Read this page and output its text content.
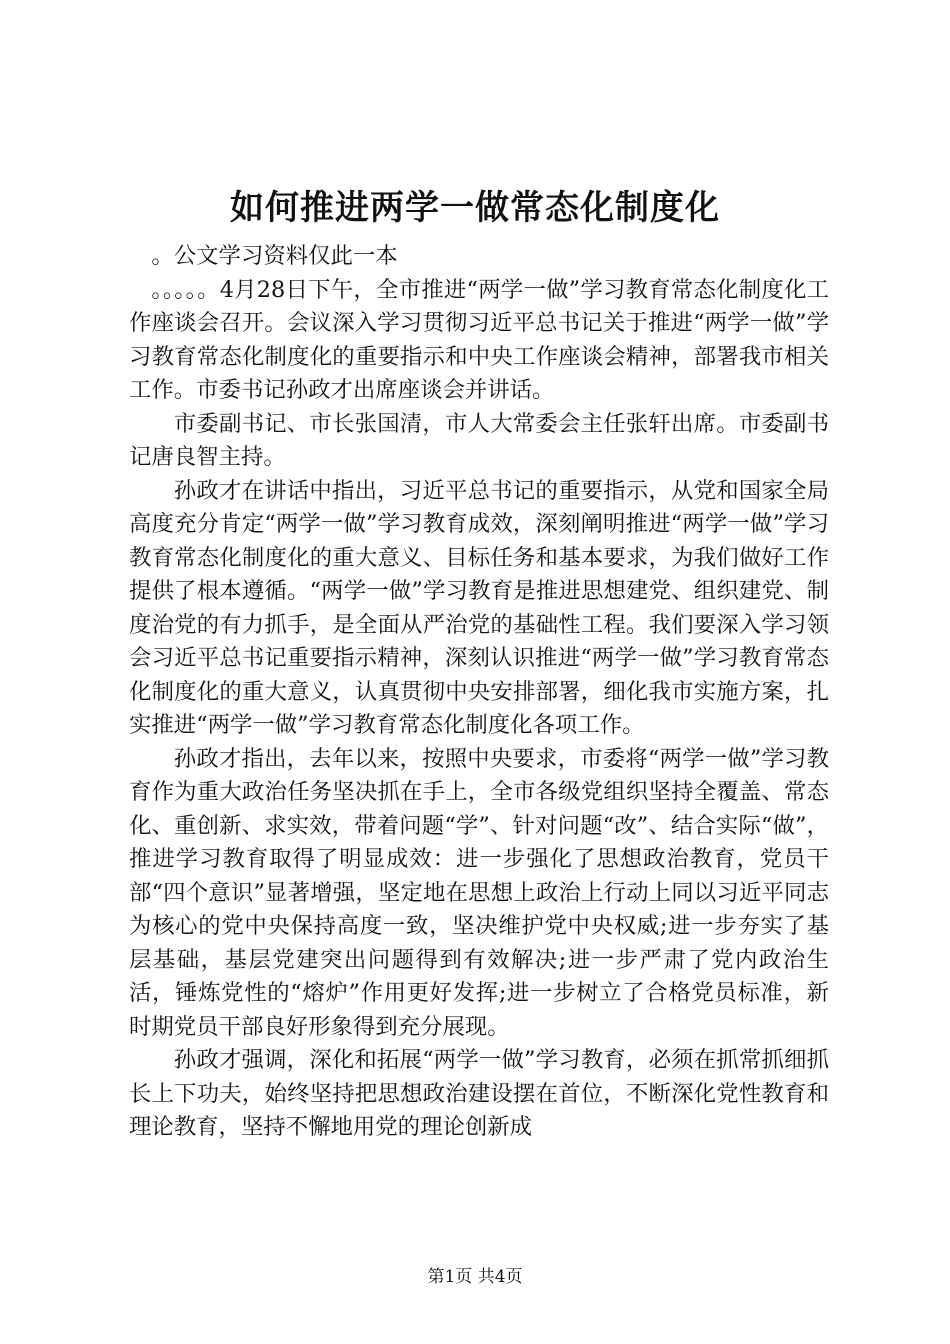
如何推进两学一做常态化制度化

。公文学习资料仅此一本

。。。。。4月28日下午，全市推进“两学一做”学习教育常态化制度化工作座谈会召开。会议深入学习贯彻习近平总书记关于推进“两学一做”学习教育常态化制度化的重要指示和中央工作座谈会精神，部署我市相关工作。市委书记孙政才出席座谈会并讲话。

市委副书记、市长张国清，市人大常委会主任张轩出席。市委副书记唐良智主持。

孙政才在讲话中指出，习近平总书记的重要指示，从党和国家全局高度充分肯定“两学一做”学习教育成效，深刻阐明推进“两学一做”学习教育常态化制度化的重大意义、目标任务和基本要求，为我们做好工作提供了根本遵循。“两学一做”学习教育是推进思想建党、组织建党、制度治党的有力抓手，是全面从严治党的基础性工程。我们要深入学习领会习近平总书记重要指示精神，深刻认识推进“两学一做”学习教育常态化制度化的重大意义，认真贯彻中央安排部署，细化我市实施方案，扎实推进“两学一做”学习教育常态化制度化各项工作。

孙政才指出，去年以来，按照中央要求，市委将“两学一做”学习教育作为重大政治任务坚决抓在手上，全市各级党组织坚持全覆盖、常态化、重创新、求实效，带着问题“学”、针对问题“改”、结合实际“做”，推进学习教育取得了明显成效：进一步强化了思想政治教育，党员干部“四个意识”显著增强，坚定地在思想上政治上行动上同以习近平同志为核心的党中央保持高度一致，坚决维护党中央权威;进一步夯实了基层基础，基层党建突出问题得到有效解决;进一步严肃了党内政治生活，锤炼党性的“熔炉”作用更好发挥;进一步树立了合格党员标准，新时期党员干部良好形象得到充分展现。

孙政才强调，深化和拓展“两学一做”学习教育，必须在抓常抓细抓长上下功夫，始终坚持把思想政治建设摆在首位，不断深化党性教育和理论教育，坚持不懈地用党的理论创新成

第1页 共4页
